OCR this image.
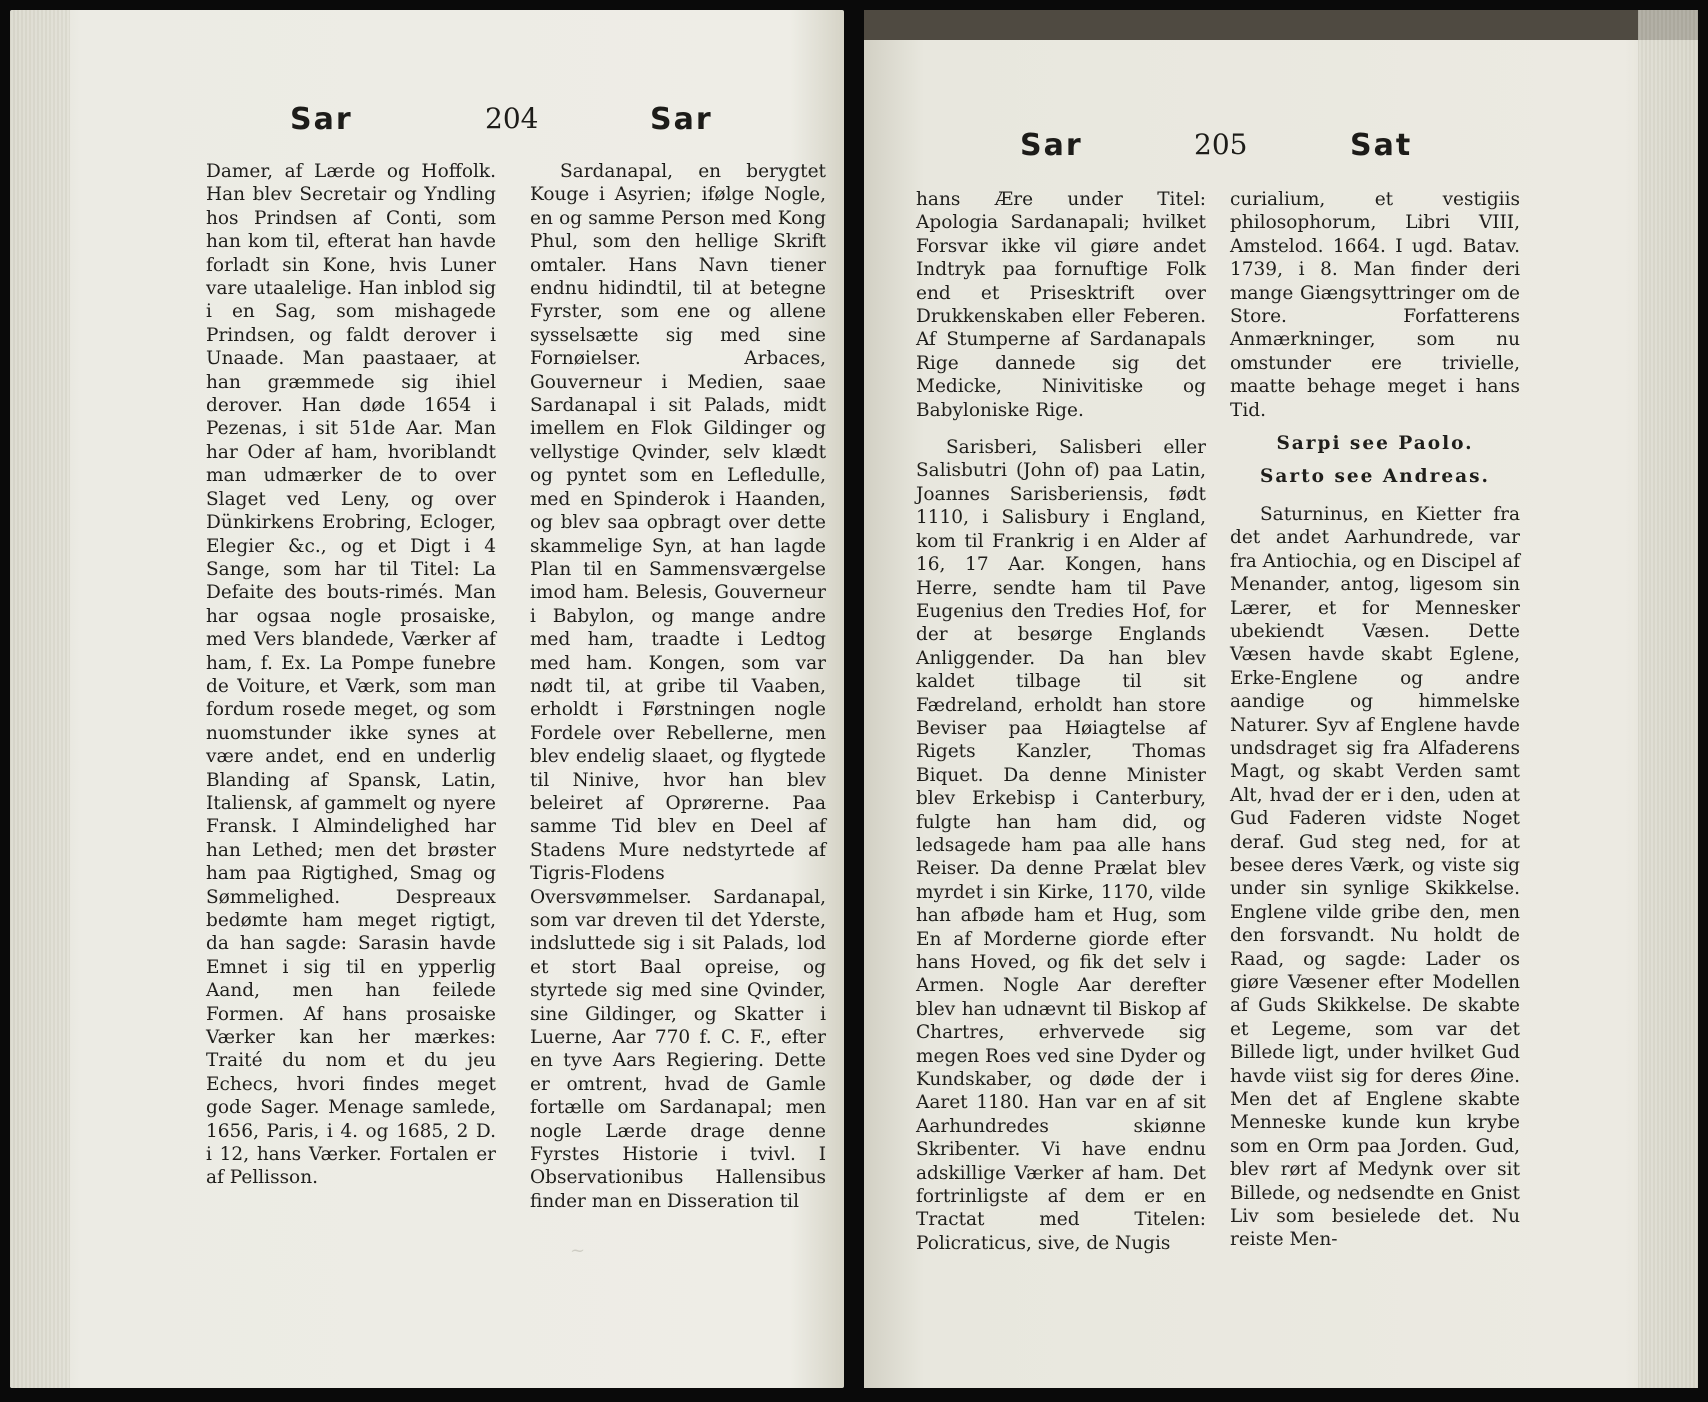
Sar	204	Sar

Damer, af Lærde og Hoffolk. Han blev Secretair og Yndling hos Prindsen af Conti, som han kom til, efterat han havde forladt sin Kone, hvis Luner vare utaalelige. Han inblod sig i en Sag, som mishagede Prindsen, og faldt derover i Unaade. Man paastaaer, at han græmmede sig ihiel derover. Han døde 1654 i Pezenas, i sit 51de Aar. Man har Oder af ham, hvoriblandt man udmærker de to over Slaget ved Leny, og over Dünkirkens Erobring, Ecloger, Elegier &c., og et Digt i 4 Sange, som har til Titel: La Defaite des bouts-rimés. Man har ogsaa nogle prosaiske, med Vers blandede, Værker af ham, f. Ex. La Pompe funebre de Voiture, et Værk, som man fordum rosede meget, og som nuomstunder ikke synes at være andet, end en underlig Blanding af Spansk, Latin, Italiensk, af gammelt og nyere Fransk. I Almindelighed har han Lethed; men det brøster ham paa Rigtighed, Smag og Sømmelighed. Despreaux bedømte ham meget rigtigt, da han sagde: Sarasin havde Emnet i sig til en ypperlig Aand, men han feilede Formen. Af hans prosaiske Værker kan her mærkes: Traité du nom et du jeu Echecs, hvori findes meget gode Sager. Menage samlede, 1656, Paris, i 4. og 1685, 2 D. i 12, hans Værker. Fortalen er af Pellisson.

Sardanapal, en berygtet Kouge i Asyrien; ifølge Nogle, en og samme Person med Kong Phul, som den hellige Skrift omtaler. Hans Navn tiener endnu hidindtil, til at betegne Fyrster, som ene og allene sysselsætte sig med sine Fornøielser. Arbaces, Gouverneur i Medien, saae Sardanapal i sit Palads, midt imellem en Flok Gildinger og vellystige Qvinder, selv klædt og pyntet som en Lefledulle, med en Spinderok i Haanden, og blev saa opbragt over dette skammelige Syn, at han lagde Plan til en Sammensværgelse imod ham. Belesis, Gouverneur i Babylon, og mange andre med ham, traadte i Ledtog med ham. Kongen, som var nødt til, at gribe til Vaaben, erholdt i Førstningen nogle Fordele over Rebellerne, men blev endelig slaaet, og flygtede til Ninive, hvor han blev beleiret af Oprørerne. Paa samme Tid blev en Deel af Stadens Mure nedstyrtede af Tigris-Flodens Oversvømmelser. Sardanapal, som var dreven til det Yderste, indsluttede sig i sit Palads, lod et stort Baal opreise, og styrtede sig med sine Qvinder, sine Gildinger, og Skatter i Luerne, Aar 770 f. C. F., efter en tyve Aars Regiering. Dette er omtrent, hvad de Gamle fortælle om Sardanapal; men nogle Lærde drage denne Fyrstes Historie i tvivl. I Observationibus Hallensibus finder man en Disseration til

~
Sar	205	Sat

hans Ære under Titel: Apologia Sardanapali; hvilket Forsvar ikke vil giøre andet Indtryk paa fornuftige Folk end et Prisesktrift over Drukkenskaben eller Feberen. Af Stumperne af Sardanapals Rige dannede sig det Medicke, Ninivitiske og Babyloniske Rige.

Sarisberi, Salisberi eller Salisbutri (John of) paa Latin, Joannes Sarisberiensis, født 1110, i Salisbury i England, kom til Frankrig i en Alder af 16, 17 Aar. Kongen, hans Herre, sendte ham til Pave Eugenius den Tredies Hof, for der at besørge Englands Anliggender. Da han blev kaldet tilbage til sit Fædreland, erholdt han store Beviser paa Høiagtelse af Rigets Kanzler, Thomas Biquet. Da denne Minister blev Erkebisp i Canterbury, fulgte han ham did, og ledsagede ham paa alle hans Reiser. Da denne Prælat blev myrdet i sin Kirke, 1170, vilde han afbøde ham et Hug, som En af Morderne giorde efter hans Hoved, og fik det selv i Armen. Nogle Aar derefter blev han udnævnt til Biskop af Chartres, erhvervede sig megen Roes ved sine Dyder og Kundskaber, og døde der i Aaret 1180. Han var en af sit Aarhundredes skiønne Skribenter. Vi have endnu adskillige Værker af ham. Det fortrinligste af dem er en Tractat med Titelen: Policraticus, sive, de Nugis

curialium, et vestigiis philosophorum, Libri VIII, Amstelod. 1664. I ugd. Batav. 1739, i 8. Man finder deri mange Giængsyttringer om de Store. Forfatterens Anmærkninger, som nu omstunder ere trivielle, maatte behage meget i hans Tid.

Sarpi see Paolo.

Sarto see Andreas.

Saturninus, en Kietter fra det andet Aarhundrede, var fra Antiochia, og en Discipel af Menander, antog, ligesom sin Lærer, et for Mennesker ubekiendt Væsen. Dette Væsen havde skabt Eglene, Erke-Englene og andre aandige og himmelske Naturer. Syv af Englene havde undsdraget sig fra Alfaderens Magt, og skabt Verden samt Alt, hvad der er i den, uden at Gud Faderen vidste Noget deraf. Gud steg ned, for at besee deres Værk, og viste sig under sin synlige Skikkelse. Englene vilde gribe den, men den forsvandt. Nu holdt de Raad, og sagde: Lader os giøre Væsener efter Modellen af Guds Skikkelse. De skabte et Legeme, som var det Billede ligt, under hvilket Gud havde viist sig for deres Øine. Men det af Englene skabte Menneske kunde kun krybe som en Orm paa Jorden. Gud, blev rørt af Medynk over sit Billede, og nedsendte en Gnist Liv som besielede det. Nu reiste Men-
